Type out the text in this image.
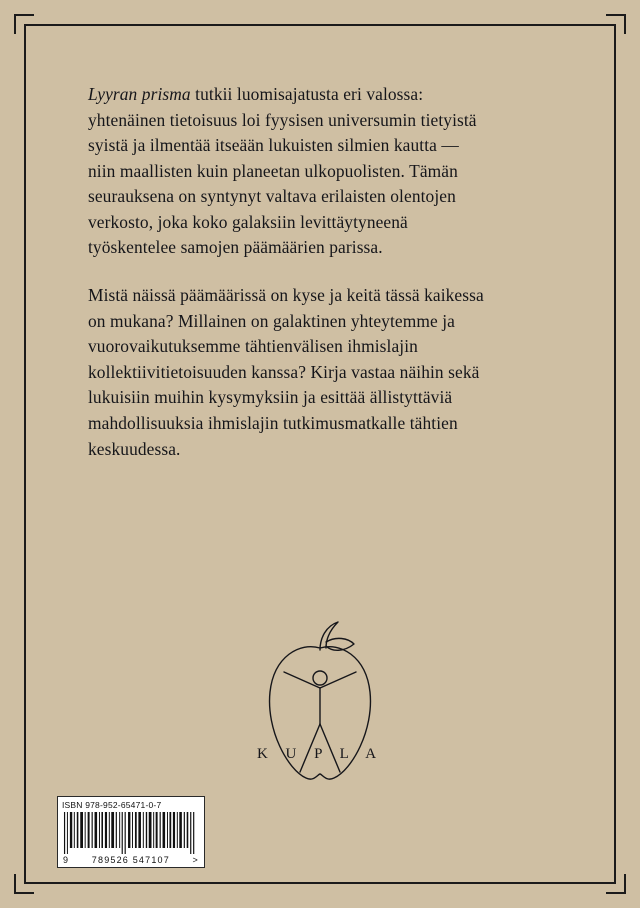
Lyyran prisma tutkii luomisajatusta eri valossa: yhtenäinen tietoisuus loi fyysisen universumin tietyistä syistä ja ilmentää itseään lukuisten silmien kautta — niin maallisten kuin planeetan ulkopuolisten. Tämän seurauksena on syntynyt valtava erilaisten olentojen verkosto, joka koko galaksiin levittäytyneenä työskentelee samojen päämäärien parissa.

Mistä näissä päämäärissä on kyse ja keitä tässä kaikessa on mukana? Millainen on galaktinen yhteytemme ja vuorovaikutuksemme tähtienvälisen ihmislajin kollektiivitietoisuuden kanssa? Kirja vastaa näihin sekä lukuisiin muihin kysymyksiin ja esittää ällistyttäviä mahdollisuuksia ihmislajin tutkimusmatkalle tähtien keskuudessa.

K U P L A
ISBN 978-952-65471-0-7
9	789526 547107	>
